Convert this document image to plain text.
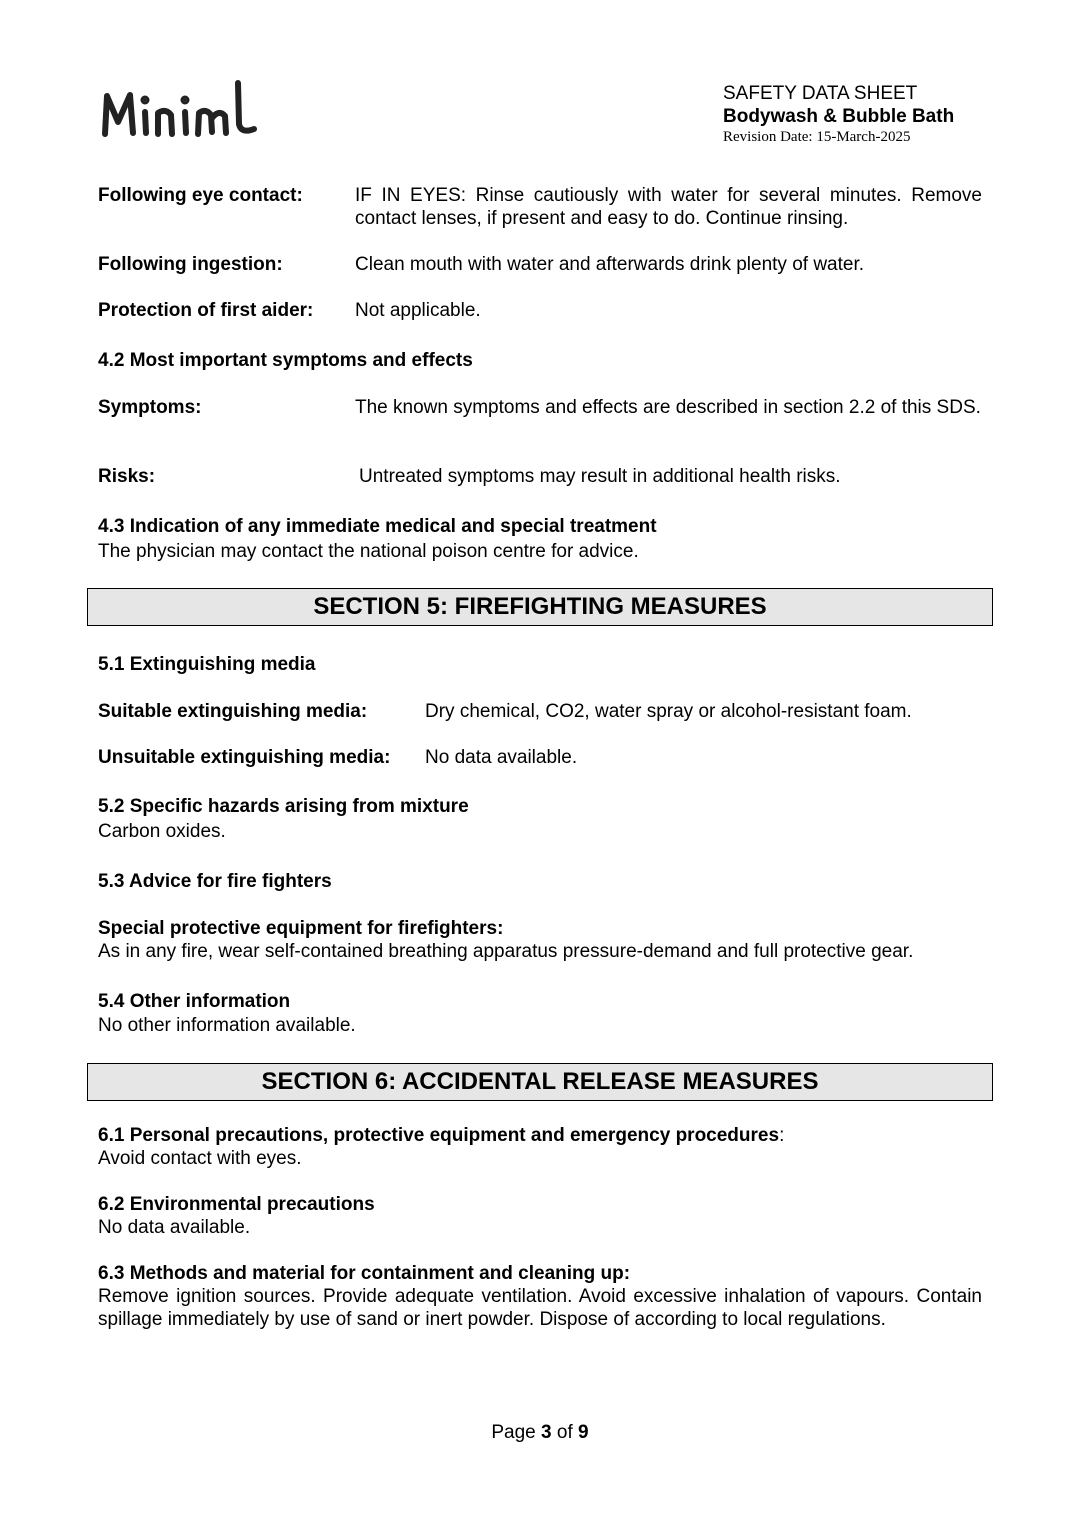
SAFETY DATA SHEET
Bodywash & Bubble Bath
Revision Date: 15-March-2025
Following eye contact:	IF IN EYES: Rinse cautiously with water for several minutes. Remove contact lenses, if present and easy to do. Continue rinsing.
Following ingestion:	Clean mouth with water and afterwards drink plenty of water.
Protection of first aider: Not applicable.
4.2 Most important symptoms and effects
Symptoms:	The known symptoms and effects are described in section 2.2 of this SDS.
Risks:	Untreated symptoms may result in additional health risks.
4.3 Indication of any immediate medical and special treatment
The physician may contact the national poison centre for advice.
SECTION 5: FIREFIGHTING MEASURES
5.1 Extinguishing media
Suitable extinguishing media:	Dry chemical, CO2, water spray or alcohol-resistant foam.
Unsuitable extinguishing media: No data available.
5.2 Specific hazards arising from mixture
Carbon oxides.
5.3 Advice for fire fighters
Special protective equipment for firefighters:
As in any fire, wear self-contained breathing apparatus pressure-demand and full protective gear.
5.4 Other information
No other information available.
SECTION 6: ACCIDENTAL RELEASE MEASURES
6.1 Personal precautions, protective equipment and emergency procedures:
Avoid contact with eyes.
6.2 Environmental precautions
No data available.
6.3 Methods and material for containment and cleaning up:
Remove ignition sources. Provide adequate ventilation. Avoid excessive inhalation of vapours. Contain spillage immediately by use of sand or inert powder. Dispose of according to local regulations.
Page 3 of 9
